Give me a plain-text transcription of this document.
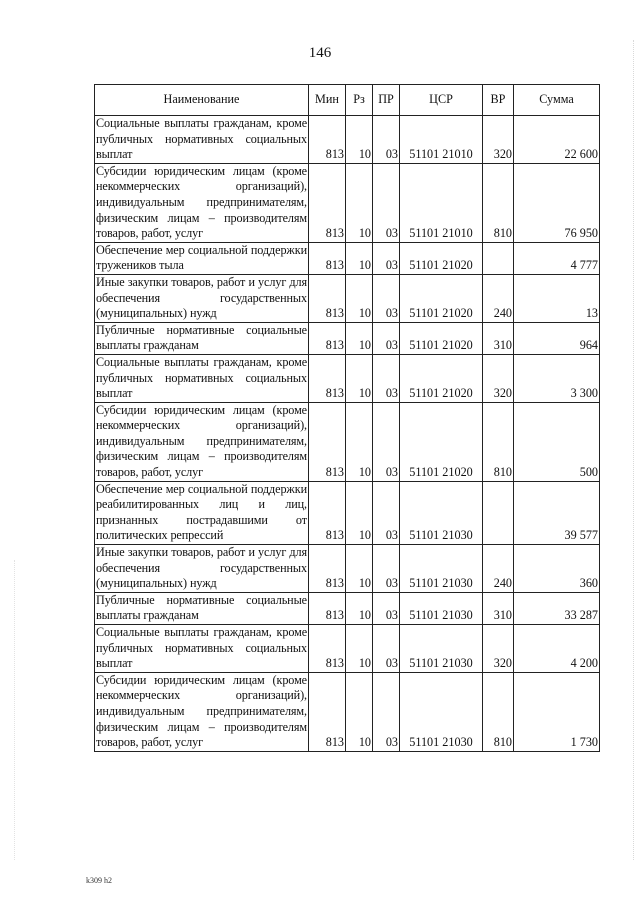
146
Наименование	Мин	Рз	ПР	ЦСР	ВР	Сумма
Социальные выплаты гражданам, кроме публичных нормативных социальных выплат	813	10	03	51101 21010	320	22 600
Субсидии юридическим лицам (кроме некоммерческих организаций), индивидуальным предпринимателям, физическим лицам – производителям товаров, работ, услуг	813	10	03	51101 21010	810	76 950
Обеспечение мер социальной поддержки тружеников тыла	813	10	03	51101 21020		4 777
Иные закупки товаров, работ и услуг для обеспечения государственных (муниципальных) нужд	813	10	03	51101 21020	240	13
Публичные нормативные социальные выплаты гражданам	813	10	03	51101 21020	310	964
Социальные выплаты гражданам, кроме публичных нормативных социальных выплат	813	10	03	51101 21020	320	3 300
Субсидии юридическим лицам (кроме некоммерческих организаций), индивидуальным предпринимателям, физическим лицам – производителям товаров, работ, услуг	813	10	03	51101 21020	810	500
Обеспечение мер социальной поддержки реабилитированных лиц и лиц, признанных пострадавшими от политических репрессий	813	10	03	51101 21030		39 577
Иные закупки товаров, работ и услуг для обеспечения государственных (муниципальных) нужд	813	10	03	51101 21030	240	360
Публичные нормативные социальные выплаты гражданам	813	10	03	51101 21030	310	33 287
Социальные выплаты гражданам, кроме публичных нормативных социальных выплат	813	10	03	51101 21030	320	4 200
Субсидии юридическим лицам (кроме некоммерческих организаций), индивидуальным предпринимателям, физическим лицам – производителям товаров, работ, услуг	813	10	03	51101 21030	810	1 730
k309 h2
